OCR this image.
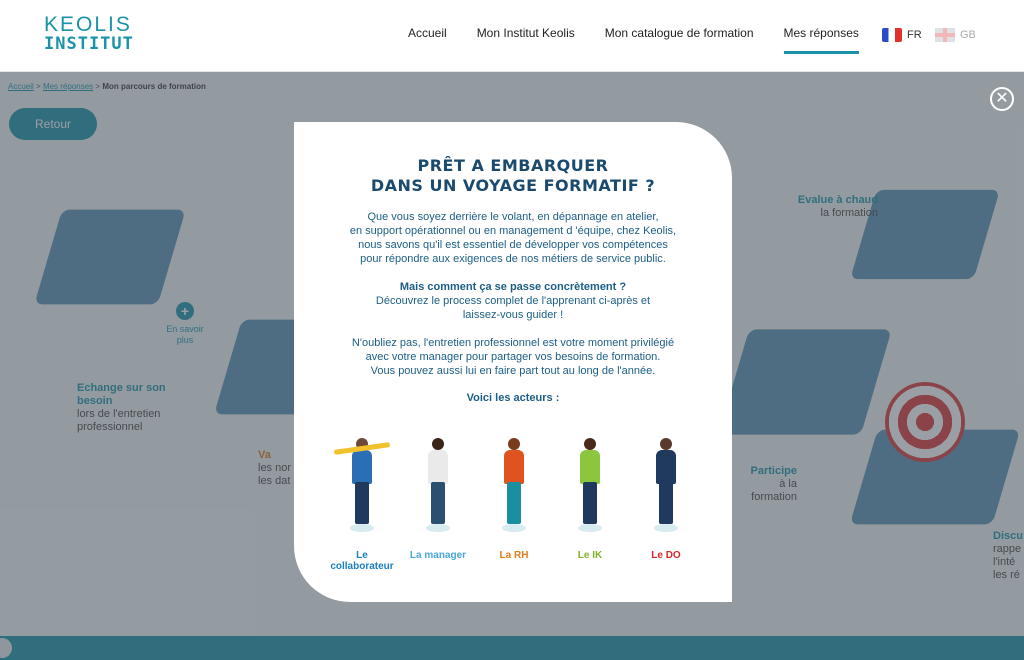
KEOLIS
INSTITUT
Accueil	Mon Institut Keolis	Mon catalogue de formation	Mes réponses	FR	GB
✕
PRÊT A EMBARQUER
DANS UN VOYAGE FORMATIF ?
Que vous soyez derrière le volant, en dépannage en atelier,
en support opérationnel ou en management d 'équipe, chez Keolis,
nous savons qu'il est essentiel de développer vos compétences
pour répondre aux exigences de nos métiers de service public.
Mais comment ça se passe concrètement ?
Découvrez le process complet de l'apprenant ci-après et
laissez-vous guider !
N'oubliez pas, l'entretien professionnel est votre moment privilégié
avec votre manager pour partager vos besoins de formation.
Vous pouvez aussi lui en faire part tout au long de l'année.
Voici les acteurs :
Le collaborateur
La manager	La RH	Le IK	Le DO
